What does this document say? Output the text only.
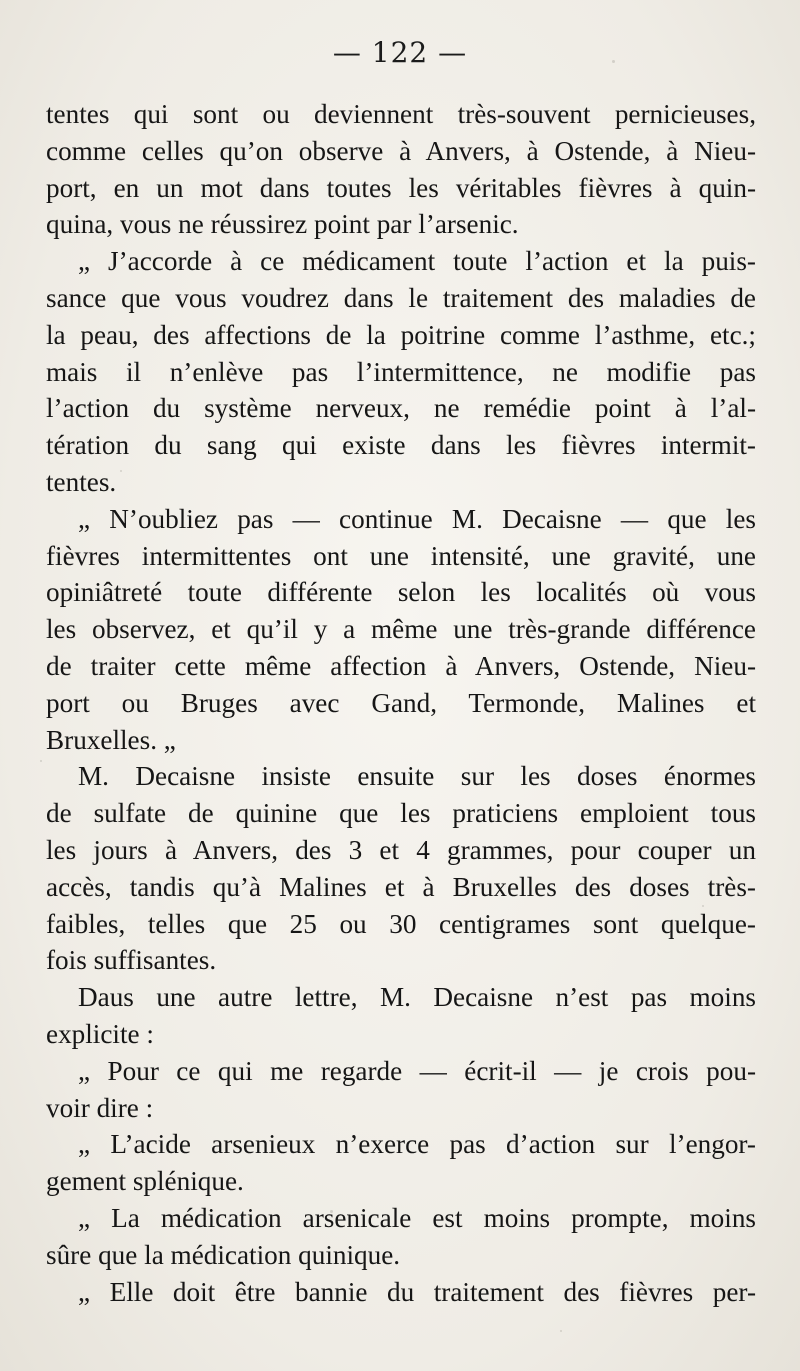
— 122 —
tentes qui sont ou deviennent très-souvent pernicieuses,
comme celles qu’on observe à Anvers, à Ostende, à Nieu-
port, en un mot dans toutes les véritables fièvres à quin-
quina, vous ne réussirez point par l’arsenic.
„ J’accorde à ce médicament toute l’action et la puis-
sance que vous voudrez dans le traitement des maladies de
la peau, des affections de la poitrine comme l’asthme, etc.;
mais il n’enlève pas l’intermittence, ne modifie pas
l’action du système nerveux, ne remédie point à l’al-
tération du sang qui existe dans les fièvres intermit-
tentes.
„ N’oubliez pas — continue M. Decaisne — que les
fièvres intermittentes ont une intensité, une gravité, une
opiniâtreté toute différente selon les localités où vous
les observez, et qu’il y a même une très-grande différence
de traiter cette même affection à Anvers, Ostende, Nieu-
port ou Bruges avec Gand, Termonde, Malines et
Bruxelles. „
M. Decaisne insiste ensuite sur les doses énormes
de sulfate de quinine que les praticiens emploient tous
les jours à Anvers, des 3 et 4 grammes, pour couper un
accès, tandis qu’à Malines et à Bruxelles des doses très-
faibles, telles que 25 ou 30 centigrames sont quelque-
fois suffisantes.
Daus une autre lettre, M. Decaisne n’est pas moins
explicite :
„ Pour ce qui me regarde — écrit-il — je crois pou-
voir dire :
„ L’acide arsenieux n’exerce pas d’action sur l’engor-
gement splénique.
„ La médication arsenicale est moins prompte, moins
sûre que la médication quinique.
„ Elle doit être bannie du traitement des fièvres per-
